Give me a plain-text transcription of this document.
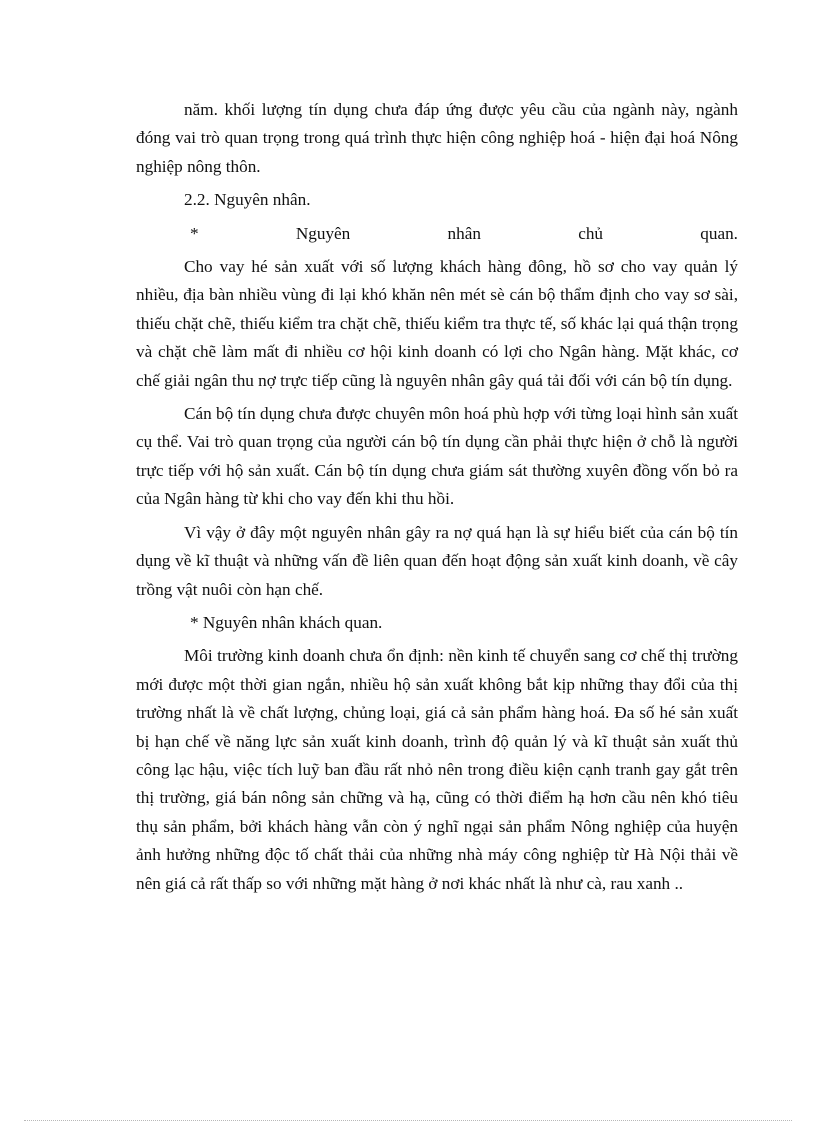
năm. khối lượng tín dụng chưa đáp ứng được yêu cầu của ngành này, ngành đóng vai trò quan trọng trong quá trình thực hiện công nghiệp hoá - hiện đại hoá Nông nghiệp nông thôn.

2.2. Nguyên nhân.

*	Nguyên	nhân	chủ	quan.

Cho vay hé sản xuất với số lượng khách hàng đông, hồ sơ cho vay quản lý nhiều, địa bàn nhiều vùng đi lại khó khăn nên mét sè cán bộ thẩm định cho vay sơ sài, thiếu chặt chẽ, thiếu kiểm tra chặt chẽ, thiếu kiểm tra thực tế, số khác lại quá thận trọng và chặt chẽ làm mất đi nhiều cơ hội kinh doanh có lợi cho Ngân hàng. Mặt khác, cơ chế giải ngân thu nợ trực tiếp cũng là nguyên nhân gây quá tải đối với cán bộ tín dụng.

Cán bộ tín dụng chưa được chuyên môn hoá phù hợp với từng loại hình sản xuất cụ thể. Vai trò quan trọng của người cán bộ tín dụng cần phải thực hiện ở chỗ là người trực tiếp với hộ sản xuất. Cán bộ tín dụng chưa giám sát thường xuyên đồng vốn bỏ ra của Ngân hàng từ khi cho vay đến khi thu hồi.

Vì vậy ở đây một nguyên nhân gây ra nợ quá hạn là sự hiểu biết của cán bộ tín dụng về kĩ thuật và những vấn đề liên quan đến hoạt động sản xuất kinh doanh, về cây trồng vật nuôi còn hạn chế.

* Nguyên nhân khách quan.

Môi trường kinh doanh chưa ổn định: nền kinh tế chuyển sang cơ chế thị trường mới được một thời gian ngắn, nhiều hộ sản xuất không bắt kịp những thay đổi của thị trường nhất là về chất lượng, chủng loại, giá cả sản phẩm hàng hoá. Đa số hé sản xuất bị hạn chế về năng lực sản xuất kinh doanh, trình độ quản lý và kĩ thuật sản xuất thủ công lạc hậu, việc tích luỹ ban đầu rất nhỏ nên trong điều kiện cạnh tranh gay gắt trên thị trường, giá bán nông sản chững và hạ, cũng có thời điểm hạ hơn cầu nên khó tiêu thụ sản phẩm, bởi khách hàng vẫn còn ý nghĩ ngại sản phẩm Nông nghiệp của huyện ảnh hưởng những độc tố chất thải của những nhà máy công nghiệp từ Hà Nội thải về nên giá cả rất thấp so với những mặt hàng ở nơi khác nhất là như cà, rau xanh ..
